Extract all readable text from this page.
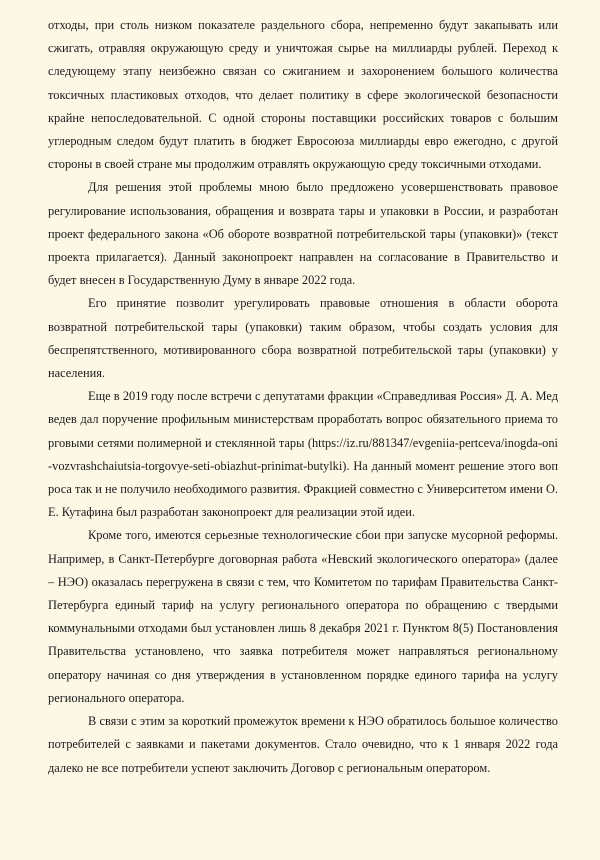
отходы, при столь низком показателе раздельного сбора, непременно будут закапывать или сжигать, отравляя окружающую среду и уничтожая сырье на миллиарды рублей. Переход к следующему этапу неизбежно связан со сжиганием и захоронением большого количества токсичных пластиковых отходов, что делает политику в сфере экологической безопасности крайне непоследовательной. С одной стороны поставщики российских товаров с большим углеродным следом будут платить в бюджет Евросоюза миллиарды евро ежегодно, с другой стороны в своей стране мы продолжим отравлять окружающую среду токсичными отходами.

Для решения этой проблемы мною было предложено усовершенствовать правовое регулирование использования, обращения и возврата тары и упаковки в России, и разработан проект федерального закона «Об обороте возвратной потребительской тары (упаковки)» (текст проекта прилагается). Данный законопроект направлен на согласование в Правительство и будет внесен в Государственную Думу в январе 2022 года.

Его принятие позволит урегулировать правовые отношения в области оборота возвратной потребительской тары (упаковки) таким образом, чтобы создать условия для беспрепятственного, мотивированного сбора возвратной потребительской тары (упаковки) у населения.

Еще в 2019 году после встречи с депутатами фракции «Справедливая Россия» Д. А. Медведев дал поручение профильным министерствам проработать вопрос обязательного приема торговыми сетями полимерной и стеклянной тары (https://iz.ru/881347/evgeniia-pertceva/inogda-oni-vozvrashchaiutsia-torgovye-seti-obiazhut-prinimat-butylki). На данный момент решение этого вопроса так и не получило необходимого развития. Фракцией совместно с Университетом имени О.Е. Кутафина был разработан законопроект для реализации этой идеи.

Кроме того, имеются серьезные технологические сбои при запуске мусорной реформы. Например, в Санкт-Петербурге договорная работа «Невский экологического оператора» (далее – НЭО) оказалась перегружена в связи с тем, что Комитетом по тарифам Правительства Санкт-Петербурга единый тариф на услугу регионального оператора по обращению с твердыми коммунальными отходами был установлен лишь 8 декабря 2021 г. Пунктом 8(5) Постановления Правительства установлено, что заявка потребителя может направляться региональному оператору начиная со дня утверждения в установленном порядке единого тарифа на услугу регионального оператора.

В связи с этим за короткий промежуток времени к НЭО обратилось большое количество потребителей с заявками и пакетами документов. Стало очевидно, что к 1 января 2022 года далеко не все потребители успеют заключить Договор с региональным оператором.
